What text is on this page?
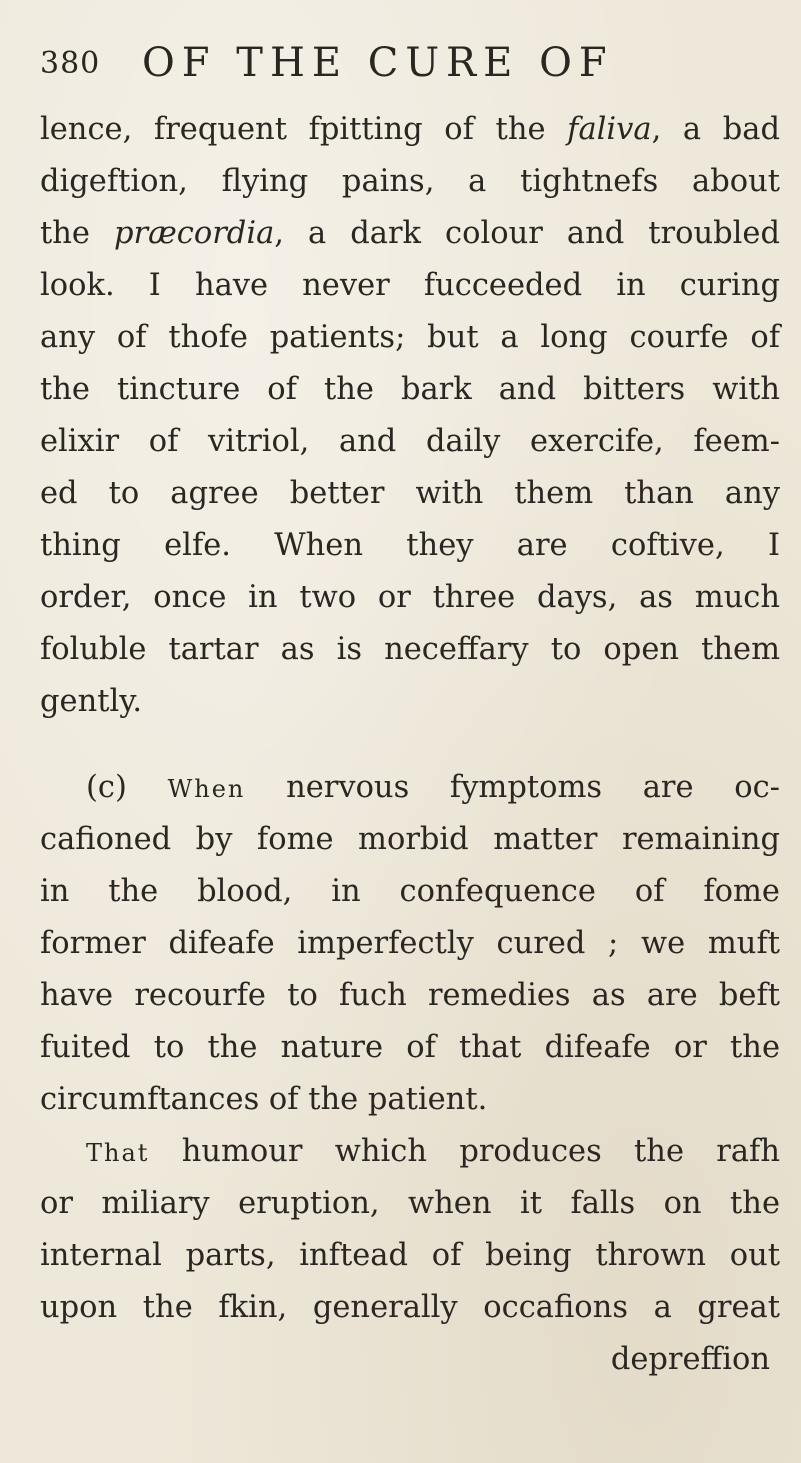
380 OF THE CURE OF
lence, frequent fpitting of the faliva, a bad
digeftion, flying pains, a tightnefs about
the præcordia, a dark colour and troubled
look. I have never fucceeded in curing
any of thofe patients; but a long courfe of
the tincture of the bark and bitters with
elixir of vitriol, and daily exercife, feem-
ed to agree better with them than any
thing elfe. When they are coftive, I
order, once in two or three days, as much
foluble tartar as is neceffary to open them
gently.
(c) When nervous fymptoms are oc-
cafioned by fome morbid matter remaining
in the blood, in confequence of fome
former difeafe imperfectly cured ; we muft
have recourfe to fuch remedies as are beft
fuited to the nature of that difeafe or the
circumftances of the patient.
That humour which produces the rafh
or miliary eruption, when it falls on the
internal parts, inftead of being thrown out
upon the fkin, generally occafions a great
depreffion
